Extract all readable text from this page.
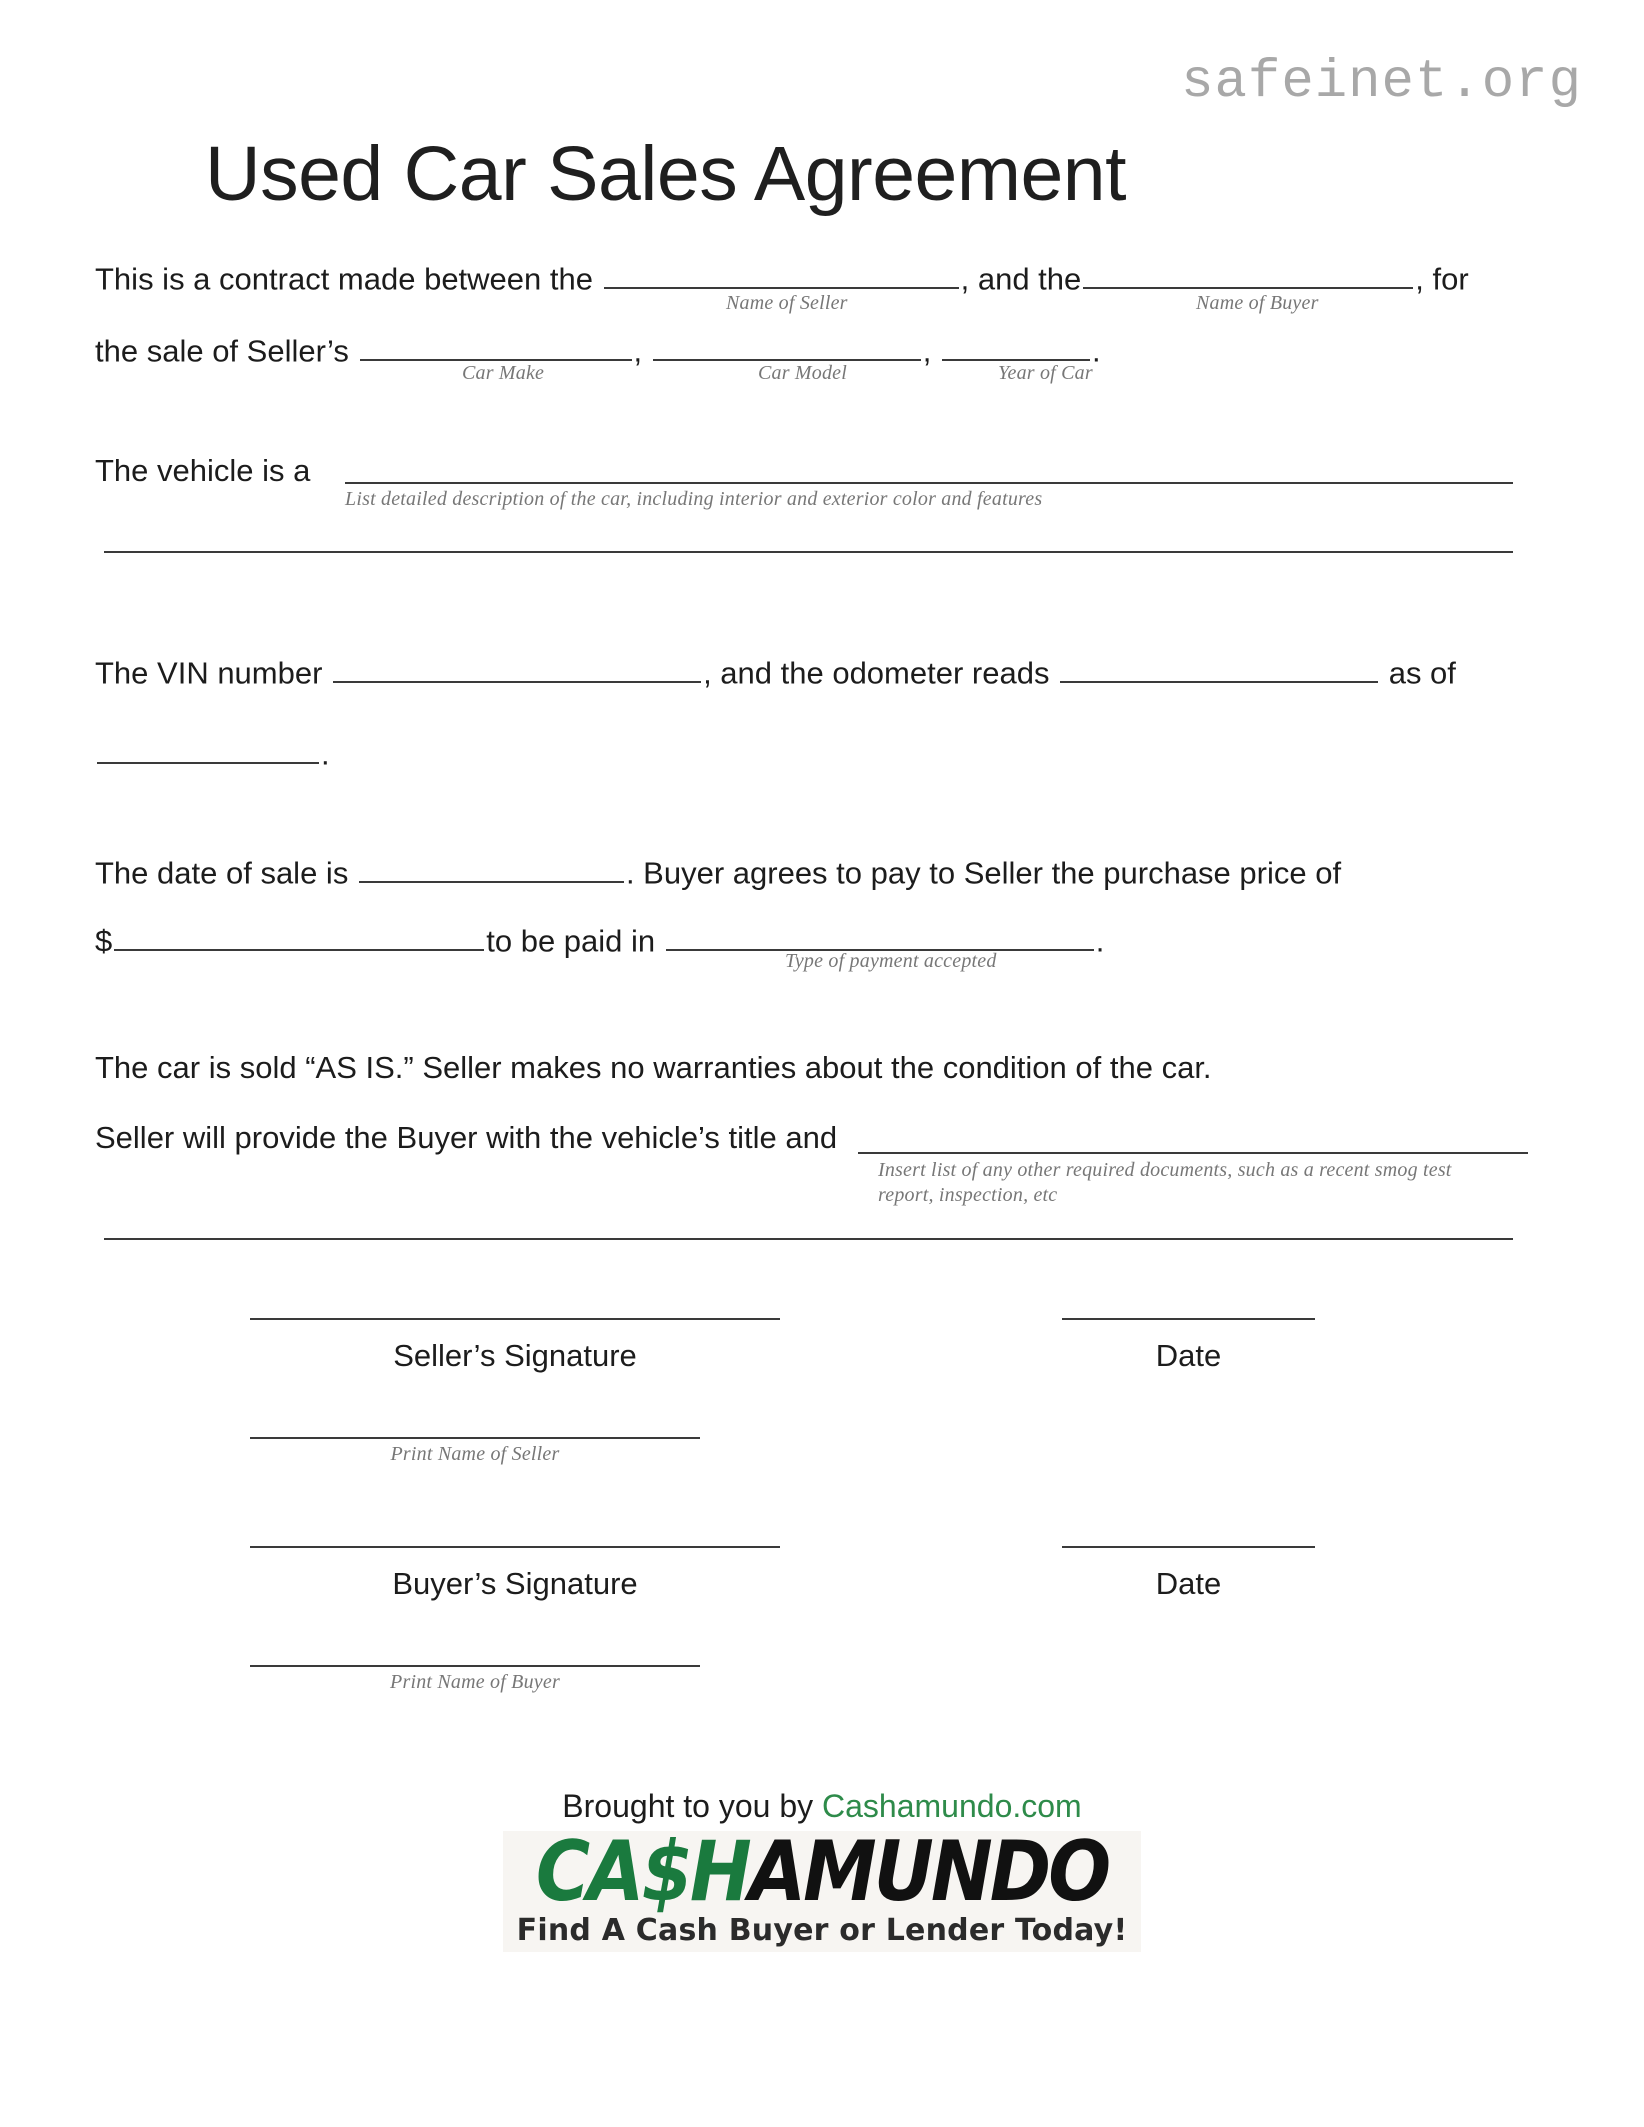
safeinet.org
Used Car Sales Agreement
This is a contract made between the	, and the	, for
Name of Seller	Name of Buyer
the sale of Seller’s	,	,	.
Car Make	Car Model	Year of Car
The vehicle is a
List detailed description of the car, including interior and exterior color and features
The VIN number	, and the odometer reads	as of
.
The date of sale is	. Buyer agrees to pay to Seller the purchase price of
$	to be paid in	.
Type of payment accepted
The car is sold “AS IS.” Seller makes no warranties about the condition of the car.
Seller will provide the Buyer with the vehicle’s title and
Insert list of any other required documents, such as a recent smog test report, inspection, etc
Seller’s Signature	Date
Print Name of Seller
Buyer’s Signature	Date
Print Name of Buyer
Brought to you by Cashamundo.com
CA$HAMUNDO
Find A Cash Buyer or Lender Today!
